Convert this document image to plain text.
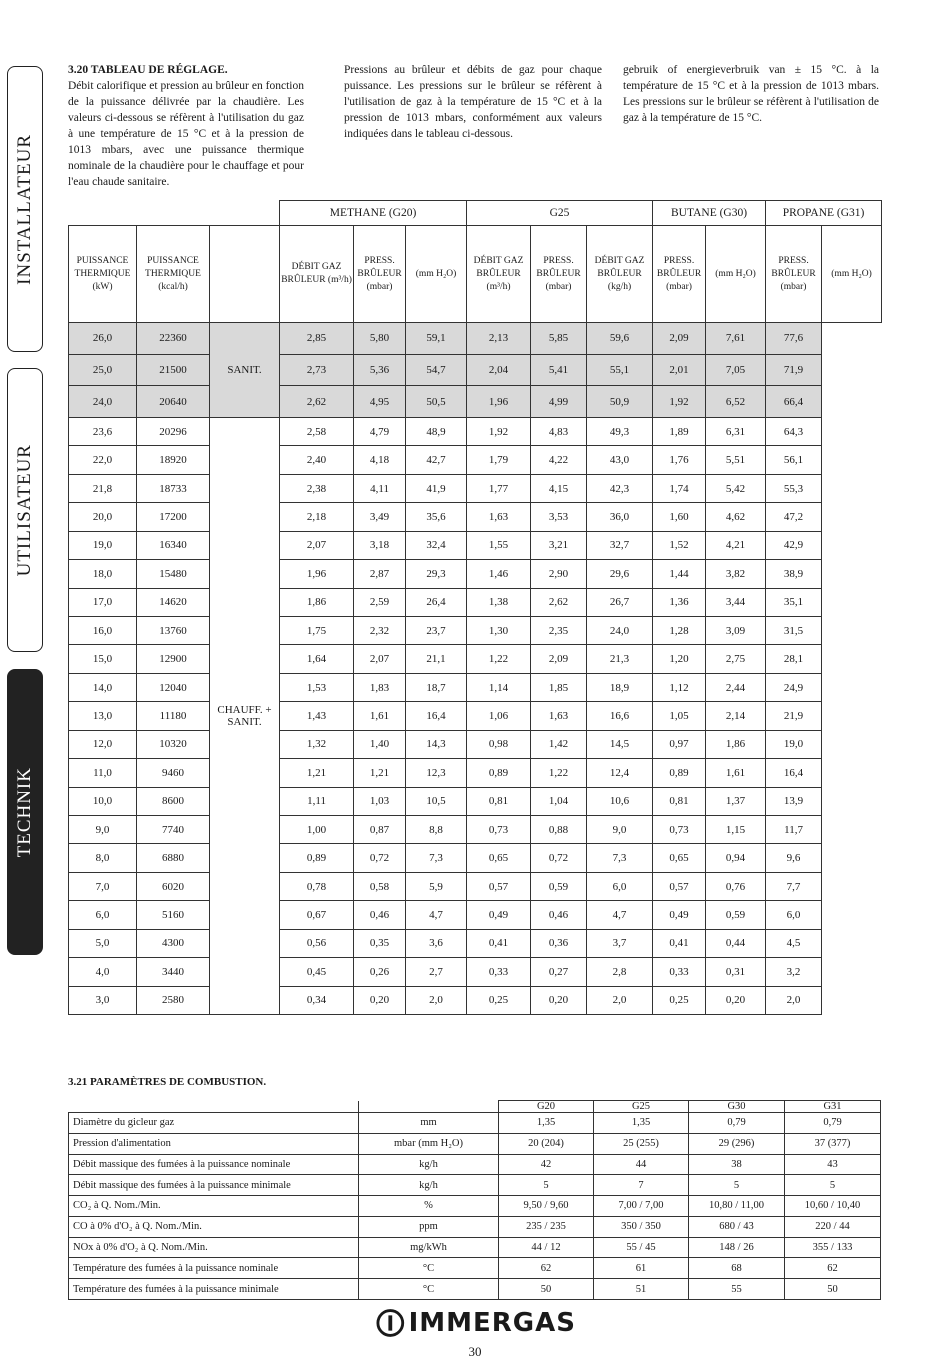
INSTALLATEUR
UTILISATEUR
TECHNIK
3.20 TABLEAU DE RÉGLAGE.
Débit calorifique et pression au brûleur en fonction de la puissance délivrée par la chaudière. Les valeurs ci-dessous se réfèrent à l'utilisation du gaz à une température de 15 °C et à la pression de 1013 mbars, avec une puissance thermique nominale de la chaudière pour le chauffage et pour l'eau chaude sanitaire.
Pressions au brûleur et débits de gaz pour chaque puissance. Les pressions sur le brûleur se réfèrent à l'utilisation de gaz à la température de 15 °C et à la pression de 1013 mbars, conformément aux valeurs indiquées dans le tableau ci-dessous.
gebruik of energieverbruik van ± 15 °C. à la température de 15 °C et à la pression de 1013 mbars. Les pressions sur le brûleur se réfèrent à l'utilisation de gaz à la température de 15 °C.
			METHANE (G20)			G25			BUTANE (G30)		PROPANE (G31)	
PUISSANCE THERMIQUE (kW)	PUISSANCE THERMIQUE (kcal/h)		DÉBIT GAZ BRÛLEUR (m³/h)	PRESS. BRÛLEUR (mbar)	(mm H₂O)	DÉBIT GAZ BRÛLEUR (m³/h)	PRESS. BRÛLEUR (mbar)	DÉBIT GAZ BRÛLEUR (kg/h)	PRESS. BRÛLEUR (mbar)	(mm H₂O)	PRESS. BRÛLEUR (mbar)	(mm H₂O)
26,0	22360	SANIT.	2,85	5,80	59,1	2,13	5,85	59,6	2,09	7,61	77,6	
25,0	21500		2,73	5,36	54,7	2,04	5,41	55,1	2,01	7,05	71,9	
24,0	20640		2,62	4,95	50,5	1,96	4,99	50,9	1,92	6,52	66,4	
23,6	20296	CHAUFF. + SANIT.	2,58	4,79	48,9	1,92	4,83	49,3	1,89	6,31	64,3	
22,0	18920		2,40	4,18	42,7	1,79	4,22	43,0	1,76	5,51	56,1	
21,8	18733		2,38	4,11	41,9	1,77	4,15	42,3	1,74	5,42	55,3	
20,0	17200		2,18	3,49	35,6	1,63	3,53	36,0	1,60	4,62	47,2	
19,0	16340		2,07	3,18	32,4	1,55	3,21	32,7	1,52	4,21	42,9	
18,0	15480		1,96	2,87	29,3	1,46	2,90	29,6	1,44	3,82	38,9	
17,0	14620		1,86	2,59	26,4	1,38	2,62	26,7	1,36	3,44	35,1	
16,0	13760		1,75	2,32	23,7	1,30	2,35	24,0	1,28	3,09	31,5	
15,0	12900		1,64	2,07	21,1	1,22	2,09	21,3	1,20	2,75	28,1	
14,0	12040		1,53	1,83	18,7	1,14	1,85	18,9	1,12	2,44	24,9	
13,0	11180		1,43	1,61	16,4	1,06	1,63	16,6	1,05	2,14	21,9	
12,0	10320		1,32	1,40	14,3	0,98	1,42	14,5	0,97	1,86	19,0	
11,0	9460		1,21	1,21	12,3	0,89	1,22	12,4	0,89	1,61	16,4	
10,0	8600		1,11	1,03	10,5	0,81	1,04	10,6	0,81	1,37	13,9	
9,0	7740		1,00	0,87	8,8	0,73	0,88	9,0	0,73	1,15	11,7	
8,0	6880		0,89	0,72	7,3	0,65	0,72	7,3	0,65	0,94	9,6	
7,0	6020		0,78	0,58	5,9	0,57	0,59	6,0	0,57	0,76	7,7	
6,0	5160		0,67	0,46	4,7	0,49	0,46	4,7	0,49	0,59	6,0	
5,0	4300		0,56	0,35	3,6	0,41	0,36	3,7	0,41	0,44	4,5	
4,0	3440		0,45	0,26	2,7	0,33	0,27	2,8	0,33	0,31	3,2	
3,0	2580		0,34	0,20	2,0	0,25	0,20	2,0	0,25	0,20	2,0	
3.21 PARAMÈTRES DE COMBUSTION.
		G20	G25	G30	G31
Diamètre du gicleur gaz	mm	1,35	1,35	0,79	0,79
Pression d'alimentation	mbar (mm H₂O)	20 (204)	25 (255)	29 (296)	37 (377)
Débit massique des fumées à la puissance nominale	kg/h	42	44	38	43
Débit massique des fumées à la puissance minimale	kg/h	5	7	5	5
CO₂ à Q. Nom./Min.	%	9,50 / 9,60	7,00 / 7,00	10,80 / 11,00	10,60 / 10,40
CO à 0% d'O₂ à Q. Nom./Min.	ppm	235 / 235	350 / 350	680 / 43	220 / 44
NOx à 0% d'O₂ à Q. Nom./Min.	mg/kWh	44 / 12	55 / 45	148 / 26	355 / 133
Température des fumées à la puissance nominale	°C	62	61	68	62
Température des fumées à la puissance minimale	°C	50	51	55	50
IMMERGAS
30
